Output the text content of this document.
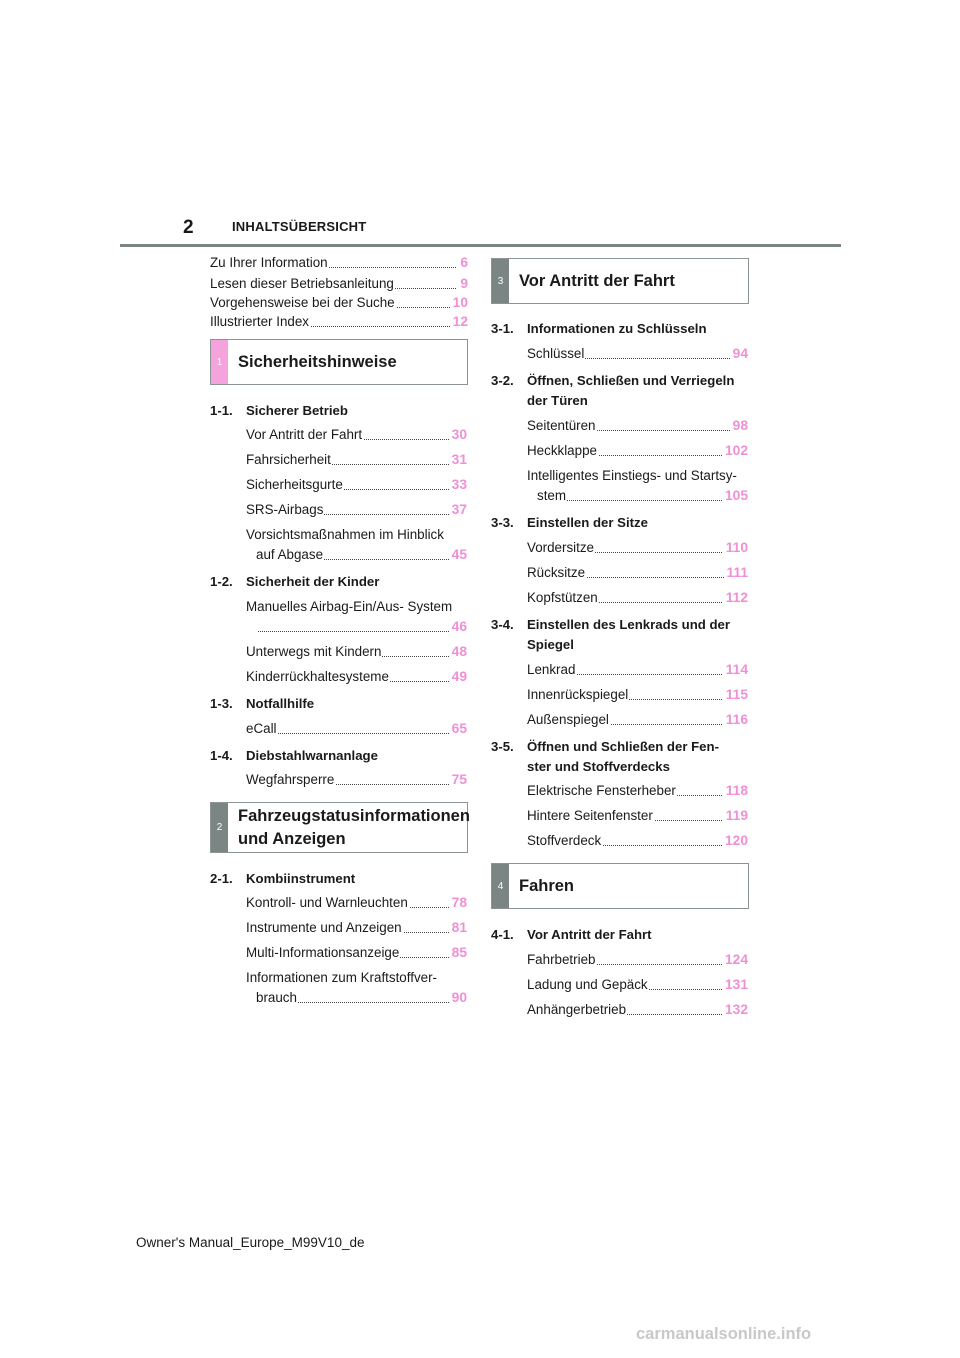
2	INHALTSÜBERSICHT
Zu Ihrer Information	6
Lesen dieser Betriebsanleitung	9
Vorgehensweise bei der Suche	10
Illustrierter Index	12
1 Sicherheitshinweise
1-1. Sicherer Betrieb
Vor Antritt der Fahrt	30
Fahrsicherheit	31
Sicherheitsgurte	33
SRS-Airbags	37
Vorsichtsmaßnahmen im Hinblick
auf Abgase	45
1-2. Sicherheit der Kinder
Manuelles Airbag-Ein/Aus- System
46
Unterwegs mit Kindern	48
Kinderrückhaltesysteme	49
1-3. Notfallhilfe
eCall	65
1-4. Diebstahlwarnanlage
Wegfahrsperre	75
2
Fahrzeugstatusinformationen
und Anzeigen
2-1. Kombiinstrument
Kontroll- und Warnleuchten	78
Instrumente und Anzeigen	81
Multi-Informationsanzeige	85
Informationen zum Kraftstoffver-
brauch	90
3 Vor Antritt der Fahrt
3-1. Informationen zu Schlüsseln
Schlüssel	94
3-2. Öffnen, Schließen und Verriegeln
der Türen
Seitentüren	98
Heckklappe	102
Intelligentes Einstiegs- und Startsy-
stem	105
3-3. Einstellen der Sitze
Vordersitze	110
Rücksitze	111
Kopfstützen	112
3-4. Einstellen des Lenkrads und der
Spiegel
Lenkrad	114
Innenrückspiegel	115
Außenspiegel	116
3-5. Öffnen und Schließen der Fen-
ster und Stoffverdecks
Elektrische Fensterheber	118
Hintere Seitenfenster	119
Stoffverdeck	120
4 Fahren
4-1. Vor Antritt der Fahrt
Fahrbetrieb	124
Ladung und Gepäck	131
Anhängerbetrieb	132
Owner's Manual_Europe_M99V10_de
carmanualsonline.info
